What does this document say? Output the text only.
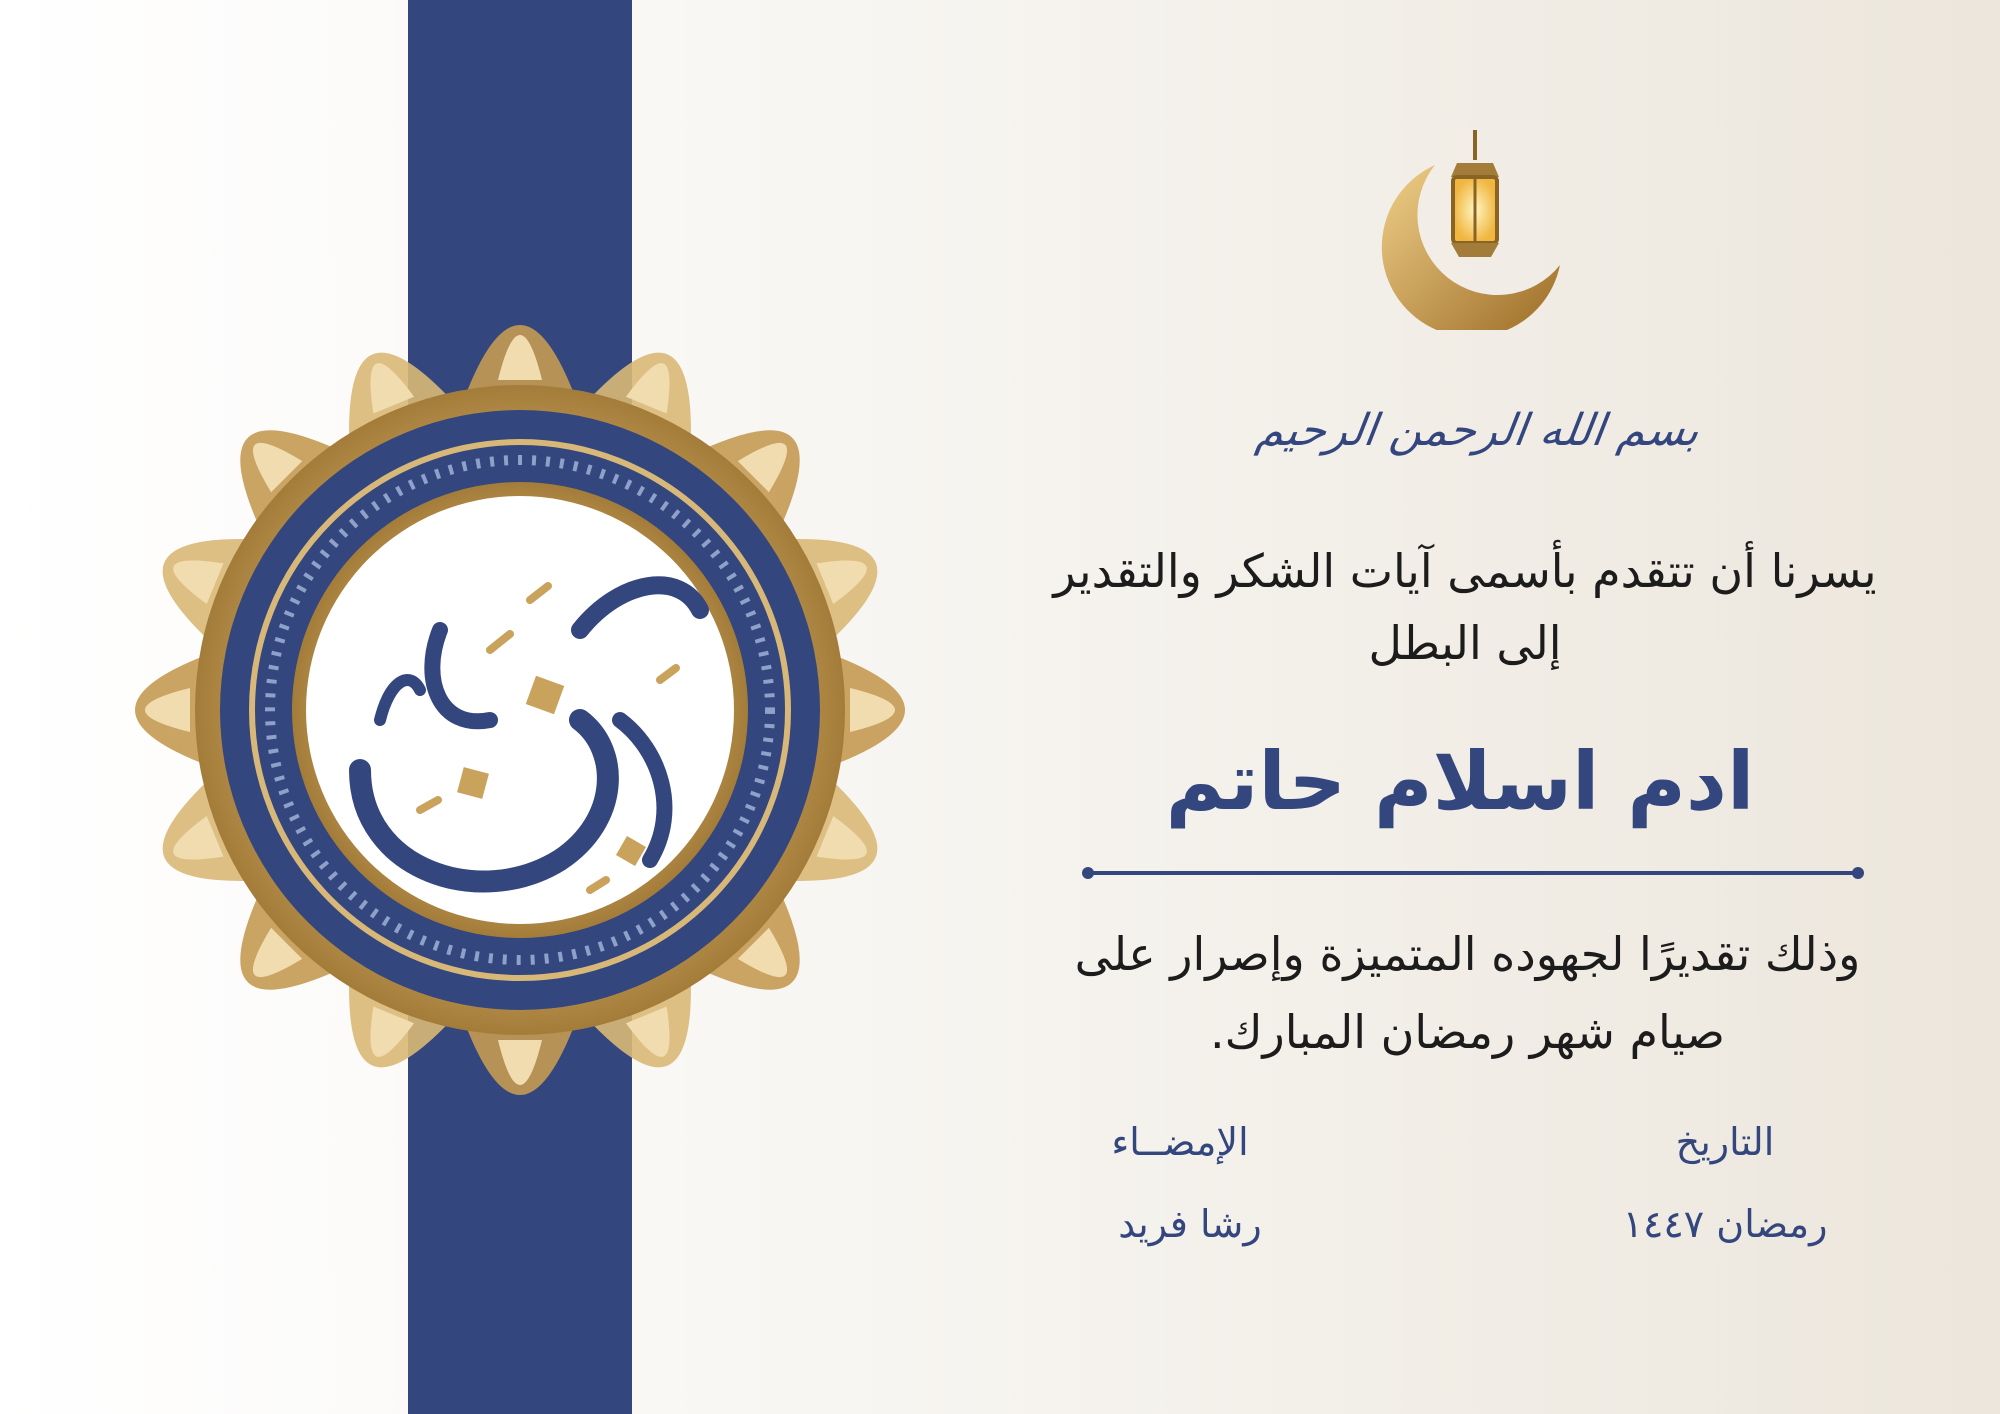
بسم الله الرحمن الرحيم
يسرنا أن تتقدم بأسمى آيات الشكر والتقدير
إلى البطل
ادم اسلام حاتم
وذلك تقديرًا لجهوده المتميزة وإصرار على
صيام شهر رمضان المبارك.
التاريخ
رمضان ١٤٤٧
الإمضــاء
رشا فريد
